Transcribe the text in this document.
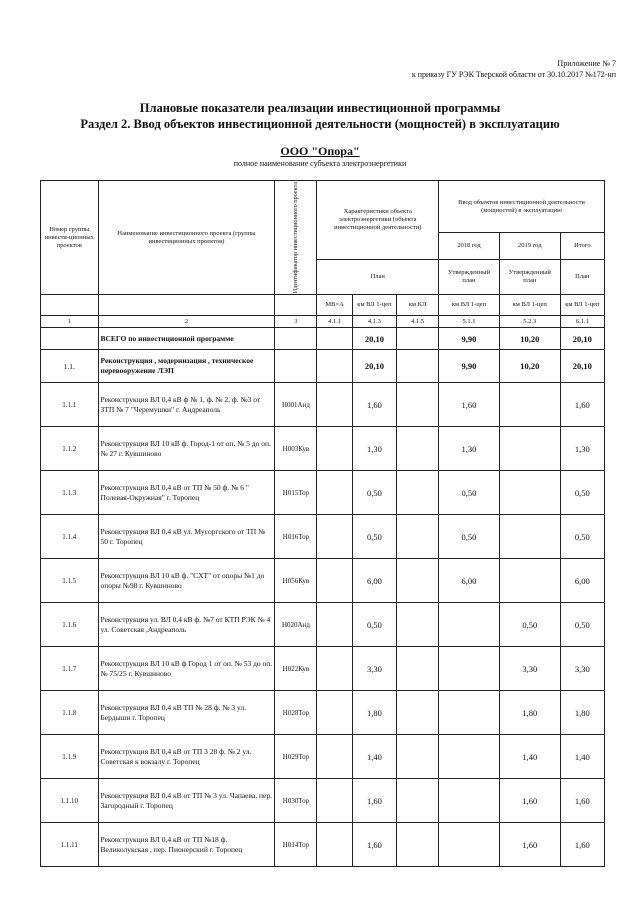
Приложение № 7
к приказу ГУ РЭК Тверской области от 30.10.2017 №172-нп
Плановые показатели реализации инвестиционной программы
Раздел 2. Ввод объектов инвестиционной деятельности (мощностей) в эксплуатацию
ООО "Опора"
полное наименование субъекта электроэнергетики
Номер группы инвести-ционных проектов	Наименование инвестиционного проекта (группы инвестиционных проектов)	Идентификатор инвестиционного проекта	Характеристики объекта электроэнергетики (объекта инвестиционной деятельности)			Ввод объектов инвестиционной деятельности (мощностей) в эксплуатацию		
						2018 год	2019 год	Итого
			План			Утвержденный план	Утвержденный план	План
			МВ×А	км ВЛ 1-цеп	км КЛ	км ВЛ 1-цеп	км ВЛ 1-цеп	км ВЛ 1-цеп
1	2	3	4.1.1	4.1.3	4.1.5	5.1.1	5.2.3	6.1.1
	ВСЕГО по инвестиционной программе			20,10		9,90	10,20	20,10
1.1.	Реконструкция , модернизация , техническое перевооружение ЛЭП			20,10		9,90	10,20	20,10
1.1.1	Реконструкция ВЛ 0,4 кВ ф № 1, ф. № 2, ф. №3 от ЗТП № 7 "Черемушки" г. Андреаполь	H001Анд		1,60		1,60		1,60
1.1.2	Реконструкция ВЛ 10 кВ ф. Город-1 от оп. № 5 до оп. № 27 г. Кувшиново	H003Кув		1,30		1,30		1,30
1.1.3	Реконструкция ВЛ 0,4 кВ от ТП № 50 ф. № 6 " Полевая-Окружная" г. Торопец	H015Тор		0,50		0,50		0,50
1.1.4	Реконструкция ВЛ 0,4 кВ ул. Мусоргского от ТП № 50 г. Торопец	H016Тор		0,50		0,50		0,50
1.1.5	Реконструкция ВЛ 10 кВ ф. "СХТ" от опоры №1 до опоры №98 г. Кувшиново	H056Кув		6,00		6,00		6,00
1.1.6	Реконструкция ул. ВЛ 0,4 кВ ф. №7 от КТП РЭК № 4 ул. Советская ,Андреаполь	H020Анд		0,50			0,50	0,50
1.1.7	Реконструкция ВЛ 10 кВ ф Город 1 от оп. № 53 до оп. № 75/25 г. Кувшиново	H022Кув		3,30			3,30	3,30
1.1.8	Реконструкция ВЛ 0,4 кВ ТП № 28 ф. № 3 ул. Бердыши г. Торопец	H028Тор		1,80			1,80	1,80
1.1.9	Реконструкция ВЛ 0,4 кВ от ТП 3 28 ф. № 2 ул. Советская к вокзалу г. Торопец	H029Тор		1,40			1,40	1,40
1.1.10	Реконструкция ВЛ 0,4 кВ от ТП № 3 ул. Чапаева, пер. Загородный г. Торопец	H030Тор		1,60			1,60	1,60
1.1.11	Реконструкция ВЛ 0,4 кВ от ТП №18 ф. Великолукская , пер. Пионерский г. Торопец	H014Тор		1,60			1,60	1,60
